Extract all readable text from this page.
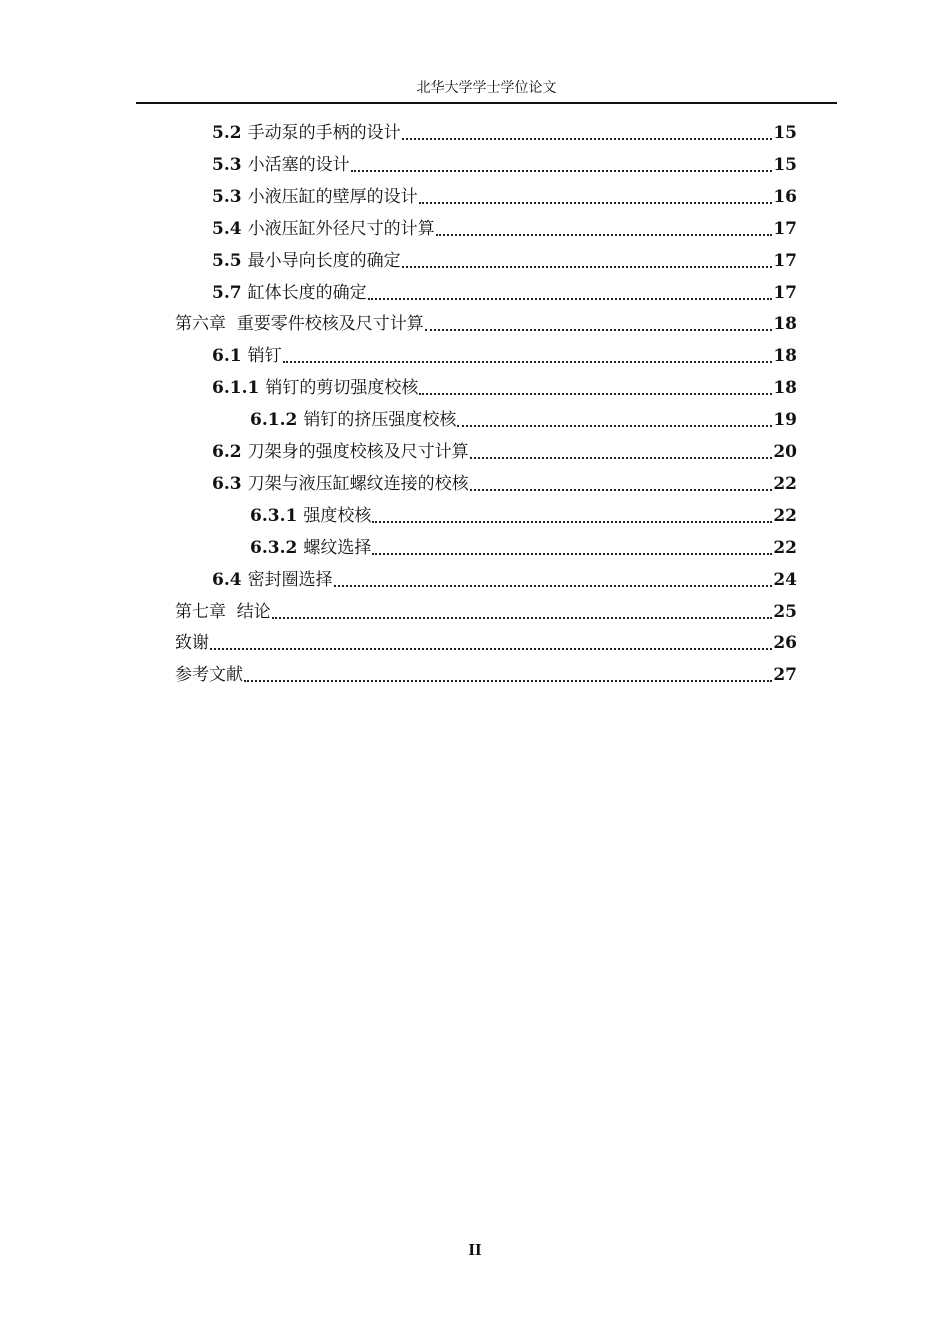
北华大学学士学位论文
5.2 手动泵的手柄的设计	15
5.3 小活塞的设计	15
5.3 小液压缸的壁厚的设计	16
5.4 小液压缸外径尺寸的计算	17
5.5 最小导向长度的确定	17
5.7 缸体长度的确定	17
第六章  重要零件校核及尺寸计算	18
6.1 销钉	18
6.1.1 销钉的剪切强度校核	18
6.1.2 销钉的挤压强度校核	19
6.2 刀架身的强度校核及尺寸计算	20
6.3 刀架与液压缸螺纹连接的校核	22
6.3.1 强度校核	22
6.3.2 螺纹选择	22
6.4 密封圈选择	24
第七章  结论	25
致谢	26
参考文献	27
II
